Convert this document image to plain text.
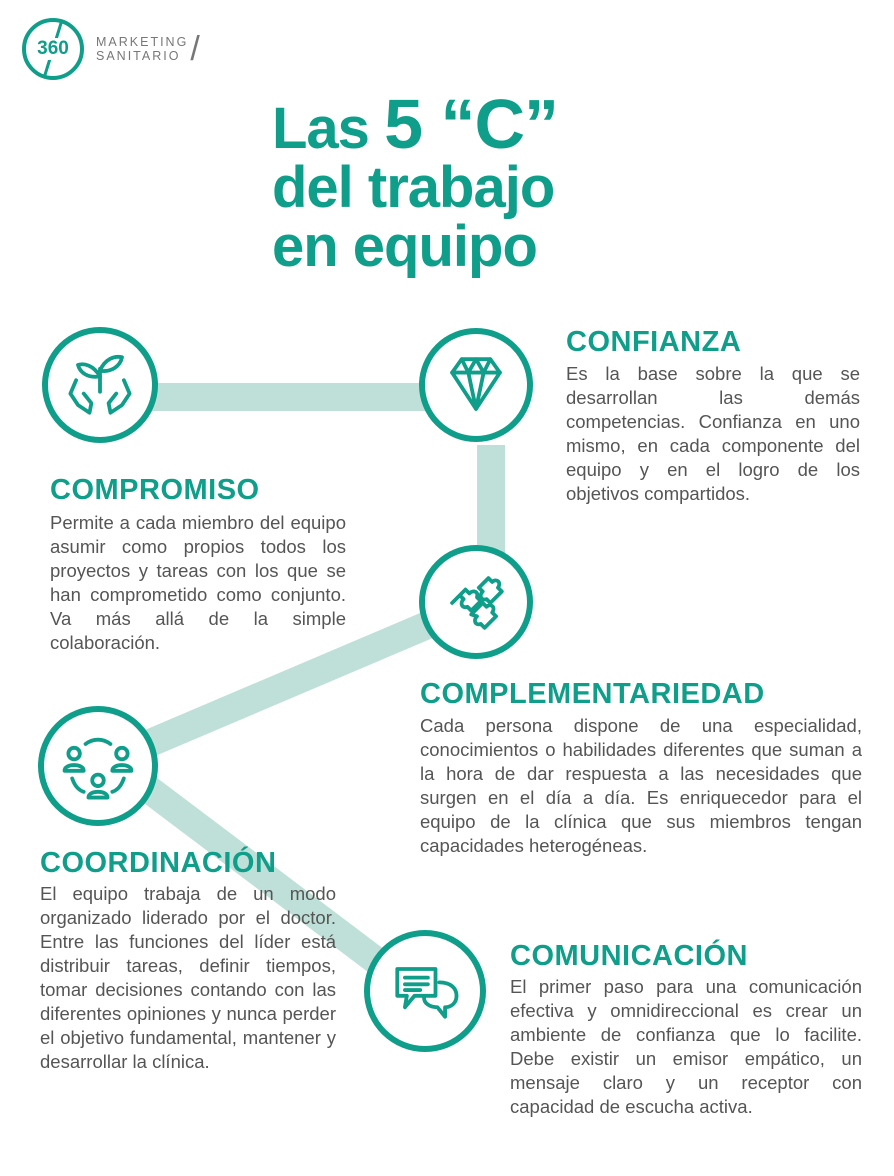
360 MARKETING
SANITARIO /
Las 5 “C”
del trabajo
en equipo
CONFIANZA
Es la base sobre la que se desarrollan las demás competencias. Confianza en uno mismo, en cada componente del equipo y en el logro de los objetivos compartidos.
COMPROMISO
Permite a cada miembro del equipo asumir como propios todos los proyectos y tareas con los que se han comprometido como conjunto. Va más allá de la simple colaboración.
COMPLEMENTARIEDAD
Cada persona dispone de una especialidad, conocimientos o habilidades diferentes que suman a la hora de dar respuesta a las necesidades que surgen en el día a día. Es enriquecedor para el equipo de la clínica que sus miembros tengan capacidades heterogéneas.
COORDINACIÓN
El equipo trabaja de un modo organizado liderado por el doctor. Entre las funciones del líder está distribuir tareas, definir tiempos, tomar decisiones contando con las diferentes opiniones y nunca perder el objetivo fundamental, mantener y desarrollar la clínica.
COMUNICACIÓN
El primer paso para una comunicación efectiva y omnidireccional es crear un ambiente de confianza que lo facilite. Debe existir un emisor empático, un mensaje claro y un receptor con capacidad de escucha activa.
